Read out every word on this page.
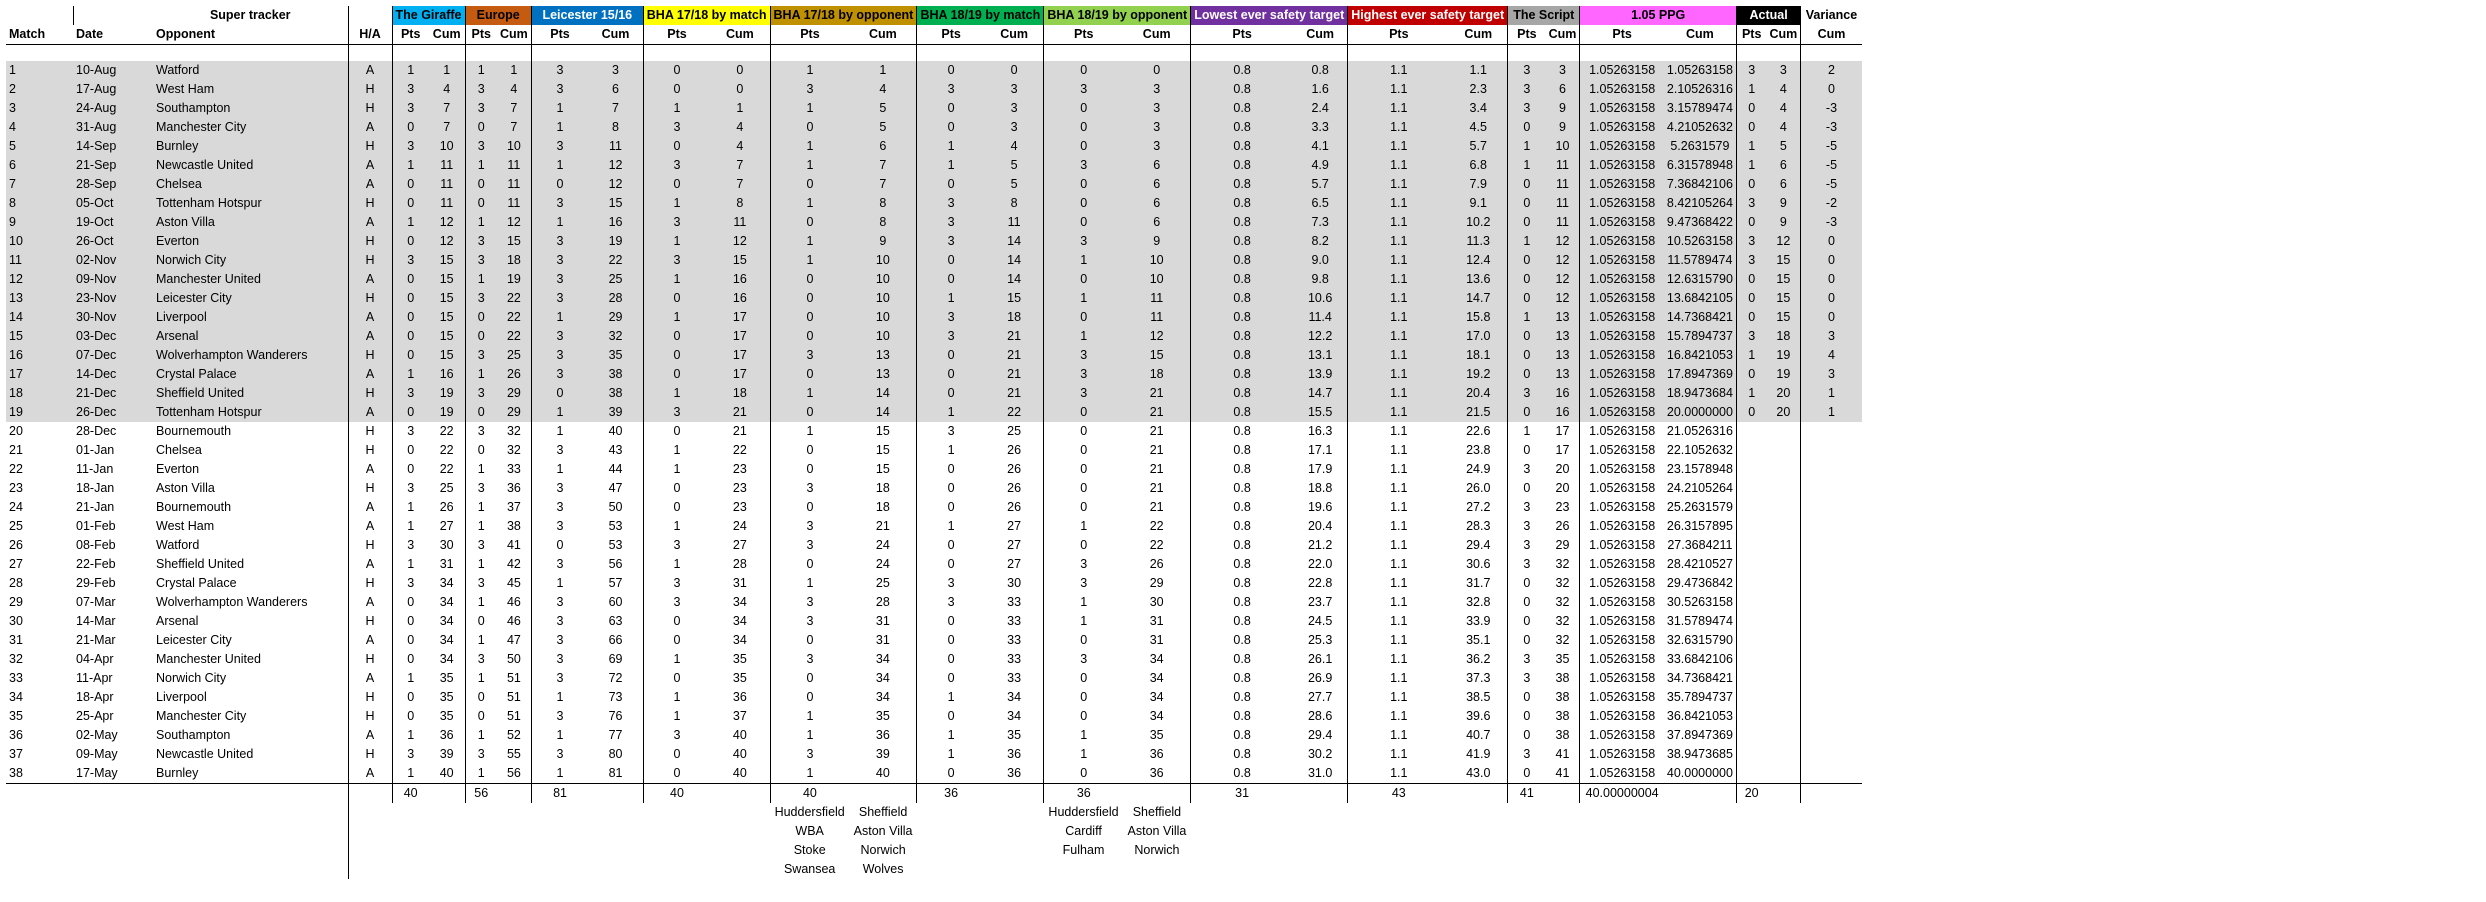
		Super tracker		The Giraffe		Europe		Leicester 15/16		BHA 17/18 by match		BHA 17/18 by opponent		BHA 18/19 by match		BHA 18/19 by opponent		Lowest ever safety target		Highest ever safety target		The Script		1.05 PPG		Actual		Variance
Match	Date	Opponent	H/A	Pts	Cum	Pts	Cum	Pts	Cum	Pts	Cum	Pts	Cum	Pts	Cum	Pts	Cum	Pts	Cum	Pts	Cum	Pts	Cum	Pts	Cum	Pts	Cum	Cum

1	10-Aug	Watford	A	1	1	1	1	3	3	0	0	1	1	0	0	0	0	0.8	0.8	1.1	1.1	3	3	1.05263158	1.05263158	3	3	2
2	17-Aug	West Ham	H	3	4	3	4	3	6	0	0	3	4	3	3	3	3	0.8	1.6	1.1	2.3	3	6	1.05263158	2.10526316	1	4	0
3	24-Aug	Southampton	H	3	7	3	7	1	7	1	1	1	5	0	3	0	3	0.8	2.4	1.1	3.4	3	9	1.05263158	3.15789474	0	4	-3
4	31-Aug	Manchester City	A	0	7	0	7	1	8	3	4	0	5	0	3	0	3	0.8	3.3	1.1	4.5	0	9	1.05263158	4.21052632	0	4	-3
5	14-Sep	Burnley	H	3	10	3	10	3	11	0	4	1	6	1	4	0	3	0.8	4.1	1.1	5.7	1	10	1.05263158	5.2631579	1	5	-5
6	21-Sep	Newcastle United	A	1	11	1	11	1	12	3	7	1	7	1	5	3	6	0.8	4.9	1.1	6.8	1	11	1.05263158	6.31578948	1	6	-5
7	28-Sep	Chelsea	A	0	11	0	11	0	12	0	7	0	7	0	5	0	6	0.8	5.7	1.1	7.9	0	11	1.05263158	7.36842106	0	6	-5
8	05-Oct	Tottenham Hotspur	H	0	11	0	11	3	15	1	8	1	8	3	8	0	6	0.8	6.5	1.1	9.1	0	11	1.05263158	8.42105264	3	9	-2
9	19-Oct	Aston Villa	A	1	12	1	12	1	16	3	11	0	8	3	11	0	6	0.8	7.3	1.1	10.2	0	11	1.05263158	9.47368422	0	9	-3
10	26-Oct	Everton	H	0	12	3	15	3	19	1	12	1	9	3	14	3	9	0.8	8.2	1.1	11.3	1	12	1.05263158	10.5263158	3	12	0
11	02-Nov	Norwich City	H	3	15	3	18	3	22	3	15	1	10	0	14	1	10	0.8	9.0	1.1	12.4	0	12	1.05263158	11.5789474	3	15	0
12	09-Nov	Manchester United	A	0	15	1	19	3	25	1	16	0	10	0	14	0	10	0.8	9.8	1.1	13.6	0	12	1.05263158	12.6315790	0	15	0
13	23-Nov	Leicester City	H	0	15	3	22	3	28	0	16	0	10	1	15	1	11	0.8	10.6	1.1	14.7	0	12	1.05263158	13.6842105	0	15	0
14	30-Nov	Liverpool	A	0	15	0	22	1	29	1	17	0	10	3	18	0	11	0.8	11.4	1.1	15.8	1	13	1.05263158	14.7368421	0	15	0
15	03-Dec	Arsenal	A	0	15	0	22	3	32	0	17	0	10	3	21	1	12	0.8	12.2	1.1	17.0	0	13	1.05263158	15.7894737	3	18	3
16	07-Dec	Wolverhampton Wanderers	H	0	15	3	25	3	35	0	17	3	13	0	21	3	15	0.8	13.1	1.1	18.1	0	13	1.05263158	16.8421053	1	19	4
17	14-Dec	Crystal Palace	A	1	16	1	26	3	38	0	17	0	13	0	21	3	18	0.8	13.9	1.1	19.2	0	13	1.05263158	17.8947369	0	19	3
18	21-Dec	Sheffield United	H	3	19	3	29	0	38	1	18	1	14	0	21	3	21	0.8	14.7	1.1	20.4	3	16	1.05263158	18.9473684	1	20	1
19	26-Dec	Tottenham Hotspur	A	0	19	0	29	1	39	3	21	0	14	1	22	0	21	0.8	15.5	1.1	21.5	0	16	1.05263158	20.0000000	0	20	1
20	28-Dec	Bournemouth	H	3	22	3	32	1	40	0	21	1	15	3	25	0	21	0.8	16.3	1.1	22.6	1	17	1.05263158	21.0526316			
21	01-Jan	Chelsea	H	0	22	0	32	3	43	1	22	0	15	1	26	0	21	0.8	17.1	1.1	23.8	0	17	1.05263158	22.1052632			
22	11-Jan	Everton	A	0	22	1	33	1	44	1	23	0	15	0	26	0	21	0.8	17.9	1.1	24.9	3	20	1.05263158	23.1578948			
23	18-Jan	Aston Villa	H	3	25	3	36	3	47	0	23	3	18	0	26	0	21	0.8	18.8	1.1	26.0	0	20	1.05263158	24.2105264			
24	21-Jan	Bournemouth	A	1	26	1	37	3	50	0	23	0	18	0	26	0	21	0.8	19.6	1.1	27.2	3	23	1.05263158	25.2631579			
25	01-Feb	West Ham	A	1	27	1	38	3	53	1	24	3	21	1	27	1	22	0.8	20.4	1.1	28.3	3	26	1.05263158	26.3157895			
26	08-Feb	Watford	H	3	30	3	41	0	53	3	27	3	24	0	27	0	22	0.8	21.2	1.1	29.4	3	29	1.05263158	27.3684211			
27	22-Feb	Sheffield United	A	1	31	1	42	3	56	1	28	0	24	0	27	3	26	0.8	22.0	1.1	30.6	3	32	1.05263158	28.4210527			
28	29-Feb	Crystal Palace	H	3	34	3	45	1	57	3	31	1	25	3	30	3	29	0.8	22.8	1.1	31.7	0	32	1.05263158	29.4736842			
29	07-Mar	Wolverhampton Wanderers	A	0	34	1	46	3	60	3	34	3	28	3	33	1	30	0.8	23.7	1.1	32.8	0	32	1.05263158	30.5263158			
30	14-Mar	Arsenal	H	0	34	0	46	3	63	0	34	3	31	0	33	1	31	0.8	24.5	1.1	33.9	0	32	1.05263158	31.5789474			
31	21-Mar	Leicester City	A	0	34	1	47	3	66	0	34	0	31	0	33	0	31	0.8	25.3	1.1	35.1	0	32	1.05263158	32.6315790			
32	04-Apr	Manchester United	H	0	34	3	50	3	69	1	35	3	34	0	33	3	34	0.8	26.1	1.1	36.2	3	35	1.05263158	33.6842106			
33	11-Apr	Norwich City	A	1	35	1	51	3	72	0	35	0	34	0	33	0	34	0.8	26.9	1.1	37.3	3	38	1.05263158	34.7368421			
34	18-Apr	Liverpool	H	0	35	0	51	1	73	1	36	0	34	1	34	0	34	0.8	27.7	1.1	38.5	0	38	1.05263158	35.7894737			
35	25-Apr	Manchester City	H	0	35	0	51	3	76	1	37	1	35	0	34	0	34	0.8	28.6	1.1	39.6	0	38	1.05263158	36.8421053			
36	02-May	Southampton	A	1	36	1	52	1	77	3	40	1	36	1	35	1	35	0.8	29.4	1.1	40.7	0	38	1.05263158	37.8947369			
37	09-May	Newcastle United	H	3	39	3	55	3	80	0	40	3	39	1	36	1	36	0.8	30.2	1.1	41.9	3	41	1.05263158	38.9473685			
38	17-May	Burnley	A	1	40	1	56	1	81	0	40	1	40	0	36	0	36	0.8	31.0	1.1	43.0	0	41	1.05263158	40.0000000			
				40		56		81		40		40		36		36		31		43		41		40.00000004		20		
												Huddersfield	Sheffield			Huddersfield	Sheffield											
												WBA	Aston Villa			Cardiff	Aston Villa											
												Stoke	Norwich			Fulham	Norwich											
												Swansea	Wolves															
